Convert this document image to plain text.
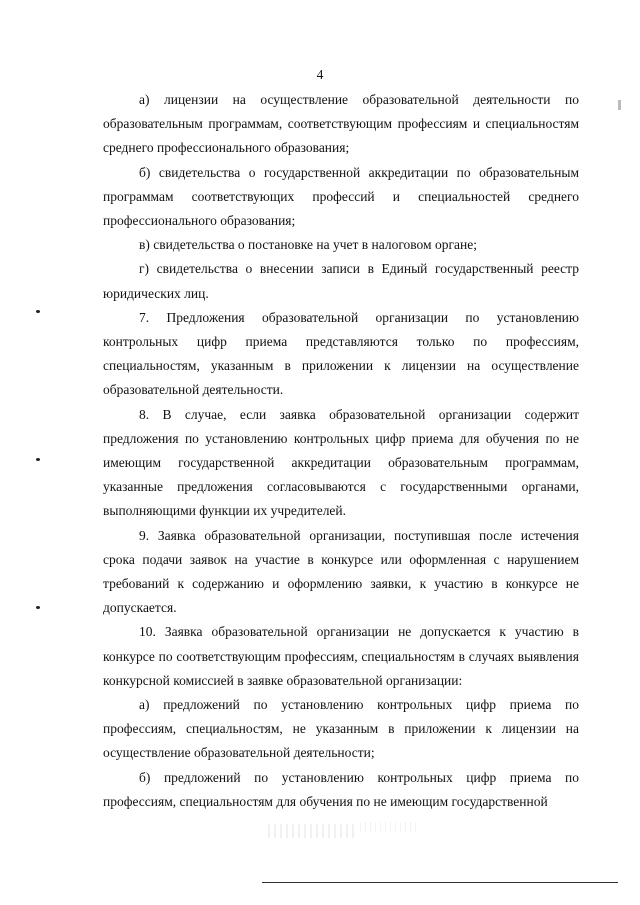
4

а) лицензии на осуществление образовательной деятельности по образовательным программам, соответствующим профессиям и специальностям среднего профессионального образования;

б) свидетельства о государственной аккредитации по образовательным программам соответствующих профессий и специальностей среднего профессионального образования;

в) свидетельства о постановке на учет в налоговом органе;

г) свидетельства о внесении записи в Единый государственный реестр юридических лиц.

7. Предложения образовательной организации по установлению контрольных цифр приема представляются только по профессиям, специальностям, указанным в приложении к лицензии на осуществление образовательной деятельности.

8. В случае, если заявка образовательной организации содержит предложения по установлению контрольных цифр приема для обучения по не имеющим государственной аккредитации образовательным программам, указанные предложения согласовываются с государственными органами, выполняющими функции их учредителей.

9. Заявка образовательной организации, поступившая после истечения срока подачи заявок на участие в конкурсе или оформленная с нарушением требований к содержанию и оформлению заявки, к участию в конкурсе не допускается.

10. Заявка образовательной организации не допускается к участию в конкурсе по соответствующим профессиям, специальностям в случаях выявления конкурсной комиссией в заявке образовательной организации:

а) предложений по установлению контрольных цифр приема по профессиям, специальностям, не указанным в приложении к лицензии на осуществление образовательной деятельности;

б) предложений по установлению контрольных цифр приема по профессиям, специальностям для обучения по не имеющим государственной
